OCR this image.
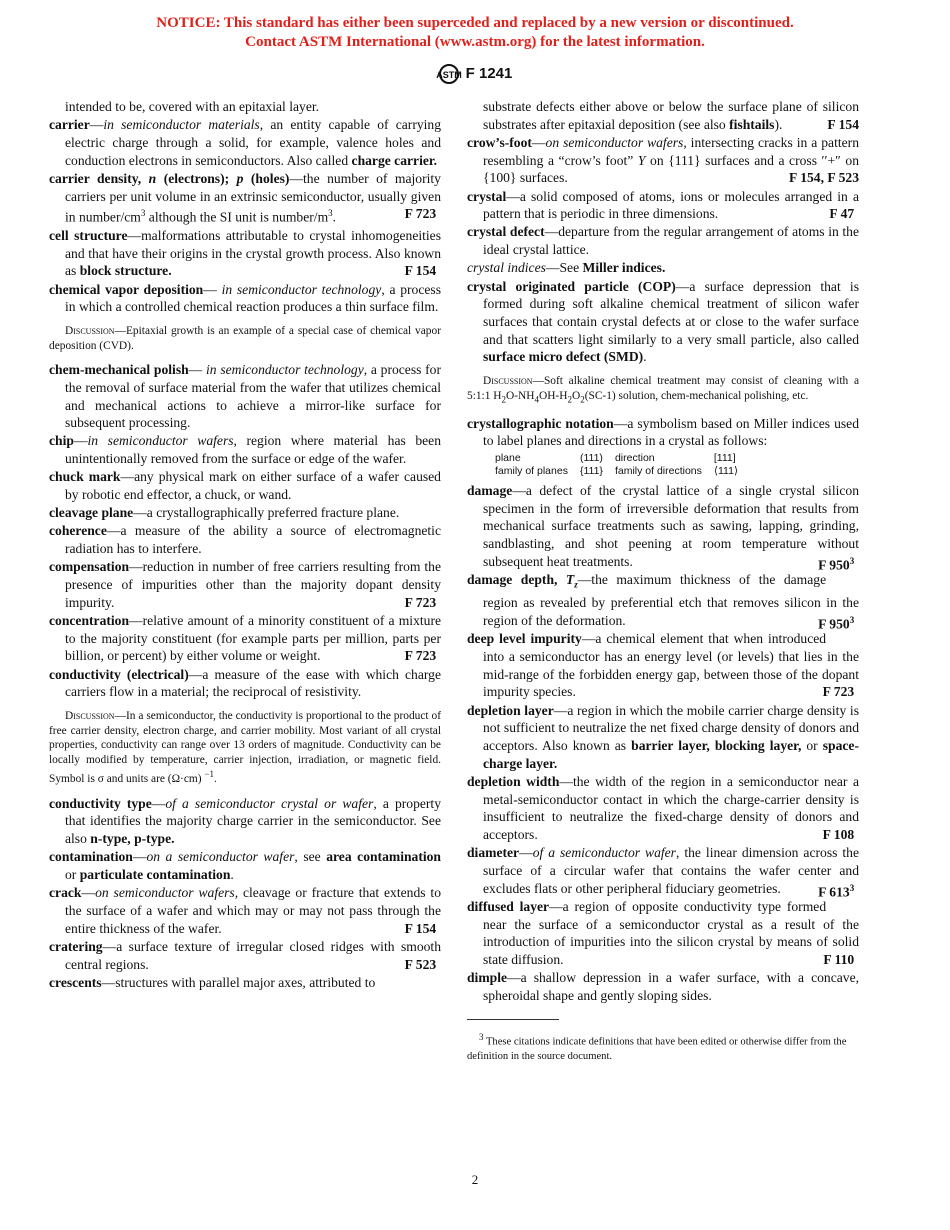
NOTICE: This standard has either been superceded and replaced by a new version or discontinued.
Contact ASTM International (www.astm.org) for the latest information.
ASTM F 1241

intended to be, covered with an epitaxial layer.

carrier—in semiconductor materials, an entity capable of carrying electric charge through a solid, for example, valence holes and conduction electrons in semiconductors. Also called charge carrier.

carrier density, n (electrons); p (holes)—the number of majority carriers per unit volume in an extrinsic semiconductor, usually given in number/$cm^3$ although the SI unit is number/$m^3$.	F 723

cell structure—malformations attributable to crystal inhomogeneities and that have their origins in the crystal growth process. Also known as block structure.	F 154

chemical vapor deposition— in semiconductor technology, a process in which a controlled chemical reaction produces a thin surface film.

Discussion—Epitaxial growth is an example of a special case of chemical vapor deposition (CVD).

chem-mechanical polish— in semiconductor technology, a process for the removal of surface material from the wafer that utilizes chemical and mechanical actions to achieve a mirror-like surface for subsequent processing.

chip—in semiconductor wafers, region where material has been unintentionally removed from the surface or edge of the wafer.

chuck mark—any physical mark on either surface of a wafer caused by robotic end effector, a chuck, or wand.

cleavage plane—a crystallographically preferred fracture plane.

coherence—a measure of the ability a source of electromagnetic radiation has to interfere.

compensation—reduction in number of free carriers resulting from the presence of impurities other than the majority dopant density impurity.	F 723

concentration—relative amount of a minority constituent of a mixture to the majority constituent (for example parts per million, parts per billion, or percent) by either volume or weight.	F 723

conductivity (electrical)—a measure of the ease with which charge carriers flow in a material; the reciprocal of resistivity.

Discussion—In a semiconductor, the conductivity is proportional to the product of free carrier density, electron charge, and carrier mobility. Most variant of all crystal properties, conductivity can range over 13 orders of magnitude. Conductivity can be locally modified by temperature, carrier injection, irradiation, or magnetic field. Symbol is σ and units are (Ω·cm) $^{-1}$.

conductivity type—of a semiconductor crystal or wafer, a property that identifies the majority charge carrier in the semiconductor. See also n-type, p-type.

contamination—on a semiconductor wafer, see area contamination or particulate contamination.

crack—on semiconductor wafers, cleavage or fracture that extends to the surface of a wafer and which may or may not pass through the entire thickness of the wafer.	F 154

cratering—a surface texture of irregular closed ridges with smooth central regions.	F 523

crescents—structures with parallel major axes, attributed to

substrate defects either above or below the surface plane of silicon substrates after epitaxial deposition (see also fishtails).	F 154

crow’s-foot—on semiconductor wafers, intersecting cracks in a pattern resembling a “crow’s foot” Y on {111} surfaces and a cross ′′+″ on {100} surfaces.	F 154, F 523

crystal—a solid composed of atoms, ions or molecules arranged in a pattern that is periodic in three dimensions.	F 47

crystal defect—departure from the regular arrangement of atoms in the ideal crystal lattice.

crystal indices—See Miller indices.

crystal originated particle (COP)—a surface depression that is formed during soft alkaline chemical treatment of silicon wafer surfaces that contain crystal defects at or close to the wafer surface and that scatters light similarly to a very small particle, also called surface micro defect (SMD).

Discussion—Soft alkaline chemical treatment may consist of cleaning with a 5:1:1 $H_2O-NH_4OH-H_2O_2(SC-1)$ solution, chem-mechanical polishing, etc.

crystallographic notation—a symbolism based on Miller indices used to label planes and directions in a crystal as follows:

plane	(111)	direction	[111]
family of planes	{111}	family of directions	⟨111⟩

damage—a defect of the crystal lattice of a single crystal silicon specimen in the form of irreversible deformation that results from mechanical surface treatments such as sawing, lapping, grinding, sandblasting, and shot peening at room temperature without subsequent heat treatments.	F $950^3$

damage depth, $T_z—the$ maximum thickness of the damage region as revealed by preferential etch that removes silicon in the region of the deformation.	F $950^3$

deep level impurity—a chemical element that when introduced into a semiconductor has an energy level (or levels) that lies in the mid-range of the forbidden energy gap, between those of the dopant impurity species.	F 723

depletion layer—a region in which the mobile carrier charge density is not sufficient to neutralize the net fixed charge density of donors and acceptors. Also known as barrier layer, blocking layer, or space-charge layer.

depletion width—the width of the region in a semiconductor near a metal-semiconductor contact in which the charge-carrier density is insufficient to neutralize the fixed-charge density of donors and acceptors.	F 108

diameter—of a semiconductor wafer, the linear dimension across the surface of a circular wafer that contains the wafer center and excludes flats or other peripheral fiduciary geometries.	F $613^3$

diffused layer—a region of opposite conductivity type formed near the surface of a semiconductor crystal as a result of the introduction of impurities into the silicon crystal by means of solid state diffusion.	F 110

dimple—a shallow depression in a wafer surface, with a concave, spheroidal shape and gently sloping sides.

$^3$ These citations indicate definitions that have been edited or otherwise differ from the definition in the source document.

2
